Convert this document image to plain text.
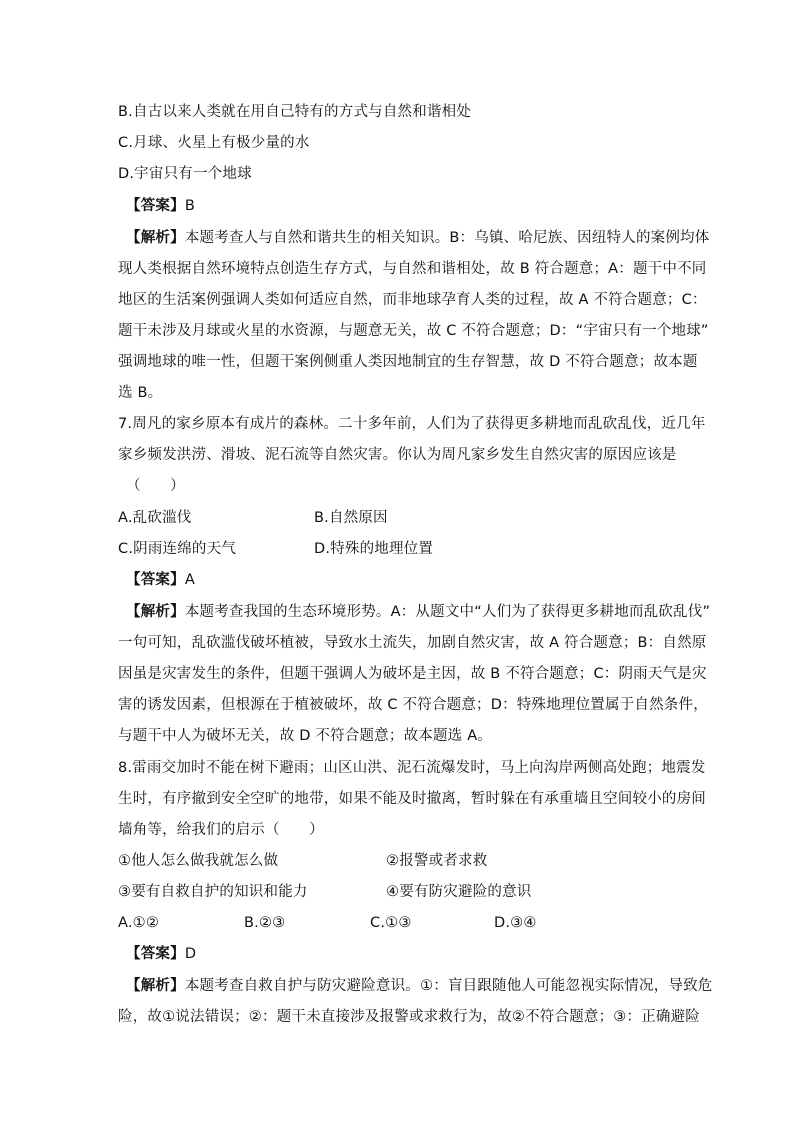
B.自古以来人类就在用自己特有的方式与自然和谐相处
C.月球、火星上有极少量的水
D.宇宙只有一个地球
【答案】B
【解析】本题考查人与自然和谐共生的相关知识。B：乌镇、哈尼族、因纽特人的案例均体
现人类根据自然环境特点创造生存方式，与自然和谐相处，故 B 符合题意；A：题干中不同
地区的生活案例强调人类如何适应自然，而非地球孕育人类的过程，故 A 不符合题意；C：
题干未涉及月球或火星的水资源，与题意无关，故 C 不符合题意；D：“宇宙只有一个地球”
强调地球的唯一性，但题干案例侧重人类因地制宜的生存智慧，故 D 不符合题意；故本题
选 B。
7.周凡的家乡原本有成片的森林。二十多年前，人们为了获得更多耕地而乱砍乱伐，近几年
家乡频发洪涝、滑坡、泥石流等自然灾害。你认为周凡家乡发生自然灾害的原因应该是
（　　）
A.乱砍滥伐	B.自然原因
C.阴雨连绵的天气	D.特殊的地理位置
【答案】A
【解析】本题考查我国的生态环境形势。A：从题文中“人们为了获得更多耕地而乱砍乱伐”
一句可知，乱砍滥伐破坏植被，导致水土流失，加剧自然灾害，故 A 符合题意；B：自然原
因虽是灾害发生的条件，但题干强调人为破坏是主因，故 B 不符合题意；C：阴雨天气是灾
害的诱发因素，但根源在于植被破坏，故 C 不符合题意；D：特殊地理位置属于自然条件，
与题干中人为破坏无关，故 D 不符合题意；故本题选 A。
8.雷雨交加时不能在树下避雨；山区山洪、泥石流爆发时，马上向沟岸两侧高处跑；地震发
生时，有序撤到安全空旷的地带，如果不能及时撤离，暂时躲在有承重墙且空间较小的房间
墙角等，给我们的启示（　　）
①他人怎么做我就怎么做	②报警或者求救
③要有自救自护的知识和能力	④要有防灾避险的意识
A.①②	B.②③	C.①③	D.③④
【答案】D
【解析】本题考查自救自护与防灾避险意识。①：盲目跟随他人可能忽视实际情况，导致危
险，故①说法错误；②：题干未直接涉及报警或求救行为，故②不符合题意；③：正确避险
